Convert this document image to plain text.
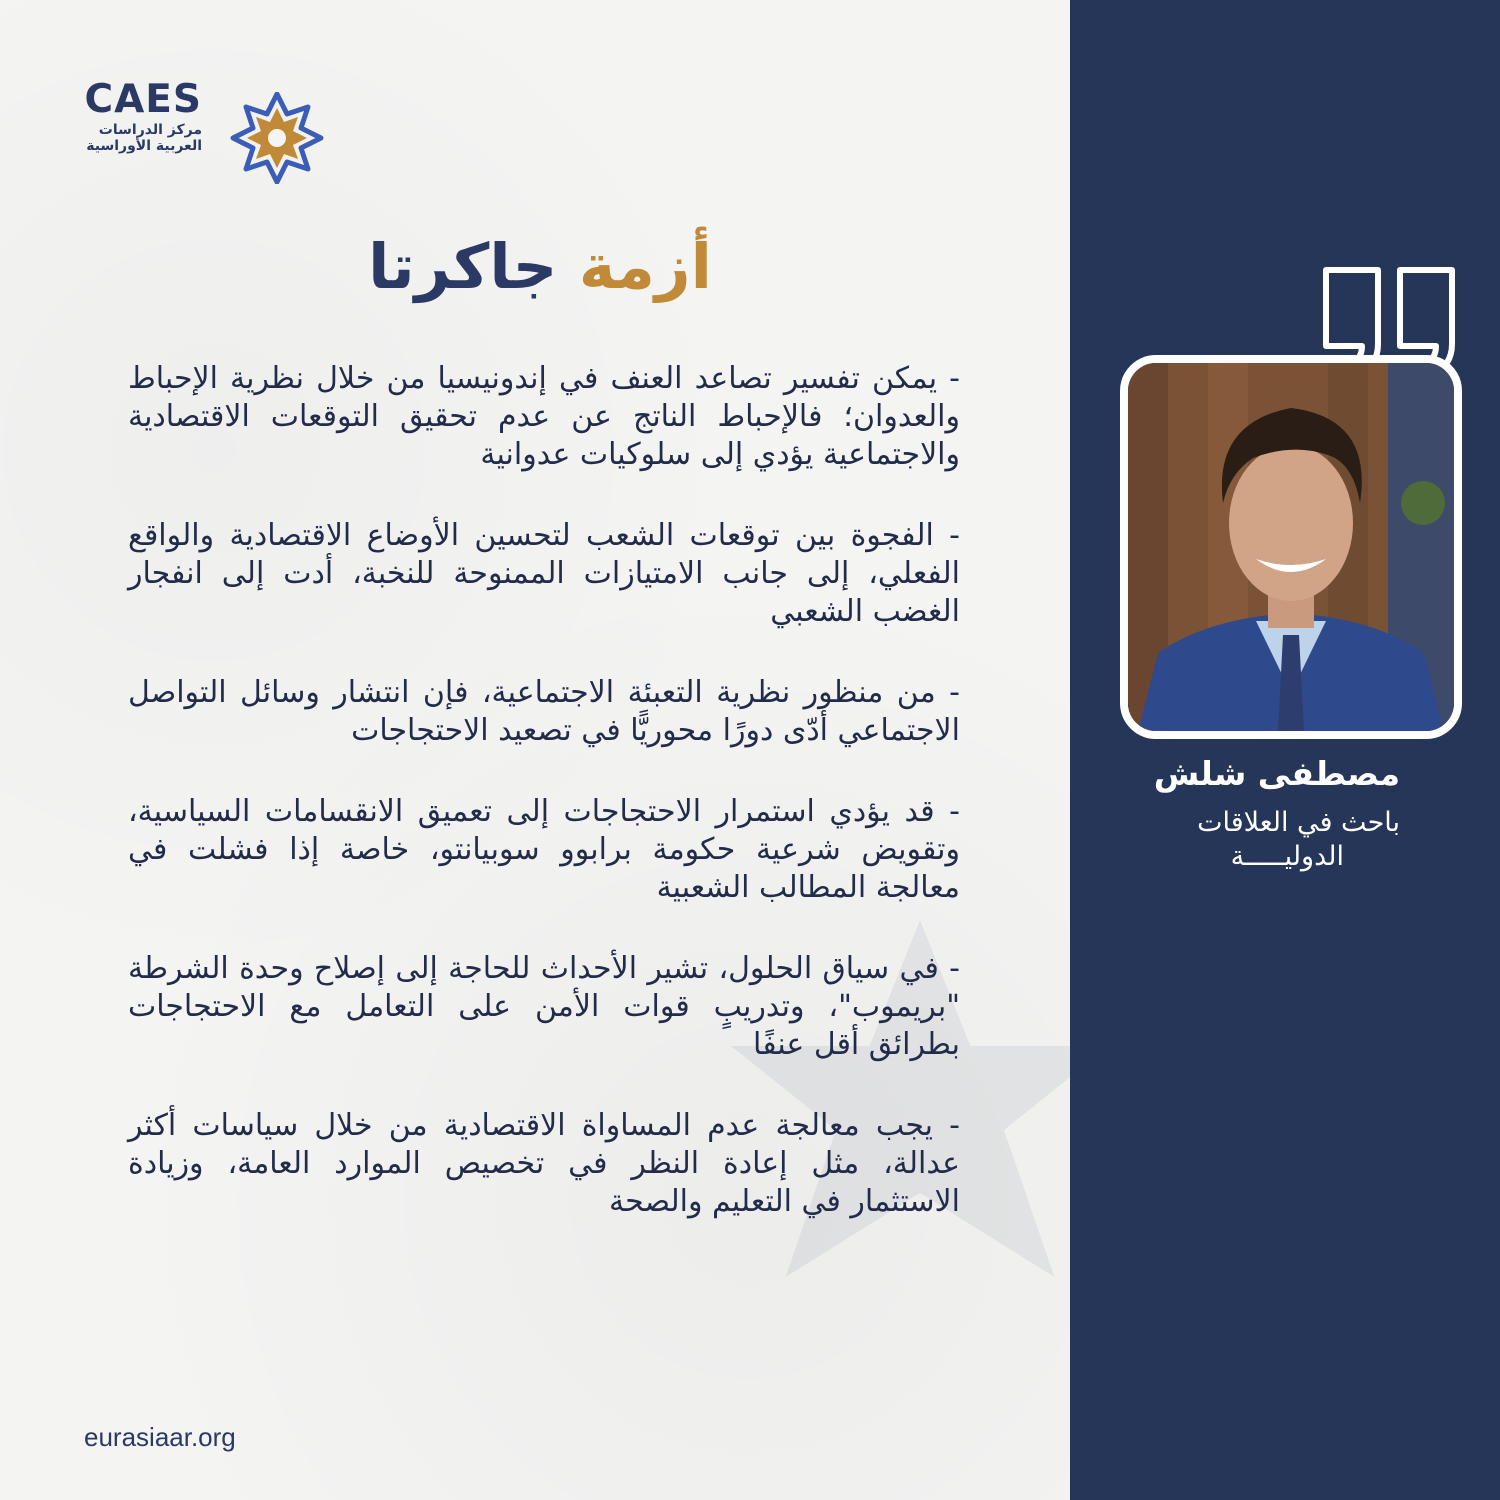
CAES
مركز الدراسات
العربية الأوراسية
أزمة جاكرتا

- يمكن تفسير تصاعد العنف في إندونيسيا من خلال نظرية الإحباط والعدوان؛ فالإحباط الناتج عن عدم تحقيق التوقعات الاقتصادية والاجتماعية يؤدي إلى سلوكيات عدوانية

- الفجوة بين توقعات الشعب لتحسين الأوضاع الاقتصادية والواقع الفعلي، إلى جانب الامتيازات الممنوحة للنخبة، أدت إلى انفجار الغضب الشعبي

- من منظور نظرية التعبئة الاجتماعية، فإن انتشار وسائل التواصل الاجتماعي أدّى دورًا محوريًّا في تصعيد الاحتجاجات

- قد يؤدي استمرار الاحتجاجات إلى تعميق الانقسامات السياسية، وتقويض شرعية حكومة برابوو سوبيانتو، خاصة إذا فشلت في معالجة المطالب الشعبية

- في سياق الحلول، تشير الأحداث للحاجة إلى إصلاح وحدة الشرطة "بريموب"، وتدريبٍ قوات الأمن على التعامل مع الاحتجاجات بطرائق أقل عنفًا

- يجب معالجة عدم المساواة الاقتصادية من خلال سياسات أكثر عدالة، مثل إعادة النظر في تخصيص الموارد العامة، وزيادة الاستثمار في التعليم والصحة

eurasiaar.org
مصطفى شلش
باحث في العلاقات
الدوليـــــة
